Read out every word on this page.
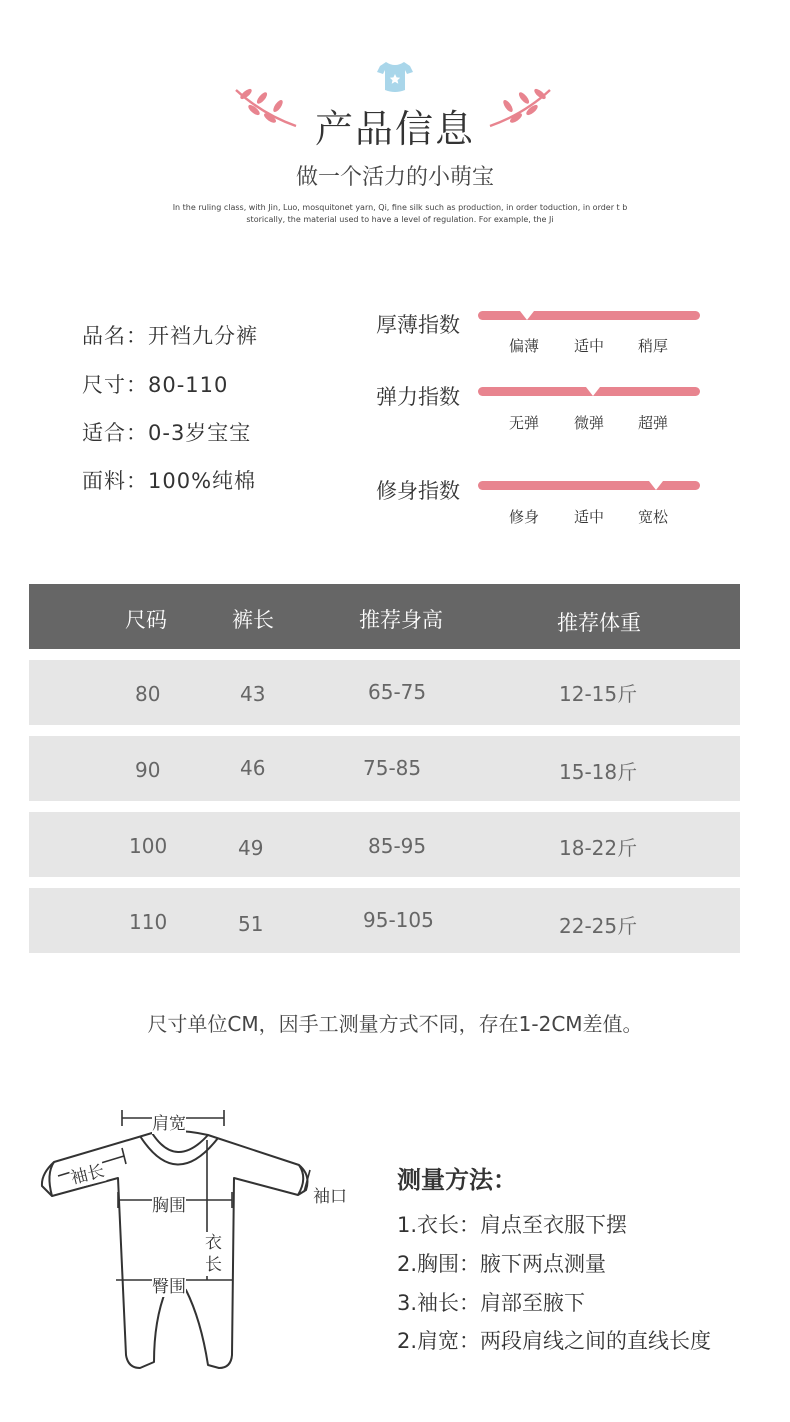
产品信息
做一个活力的小萌宝
In the ruling class, with Jin, Luo, mosquitonet yarn, Qi, fine silk such as production, in order toduction, in order t b
storically, the material used to have a level of regulation. For example, the Ji
品名：开裆九分裤
尺寸：80-110
适合：0-3岁宝宝
面料：100%纯棉
厚薄指数
偏薄	适中	稍厚
弹力指数
无弹	微弹	超弹
修身指数
修身	适中	宽松
尺码	裤长	推荐身高	推荐体重
80	43	65-75	12-15斤
90	46	75-85	15-18斤
100	49	85-95	18-22斤
110	51	95-105	22-25斤
尺寸单位CM，因手工测量方式不同，存在1-2CM差值。
肩宽
袖长
袖口
胸围
衣长
臀围
测量方法：
1.衣长：肩点至衣服下摆
2.胸围：腋下两点测量
3.袖长：肩部至腋下
2.肩宽：两段肩线之间的直线长度
